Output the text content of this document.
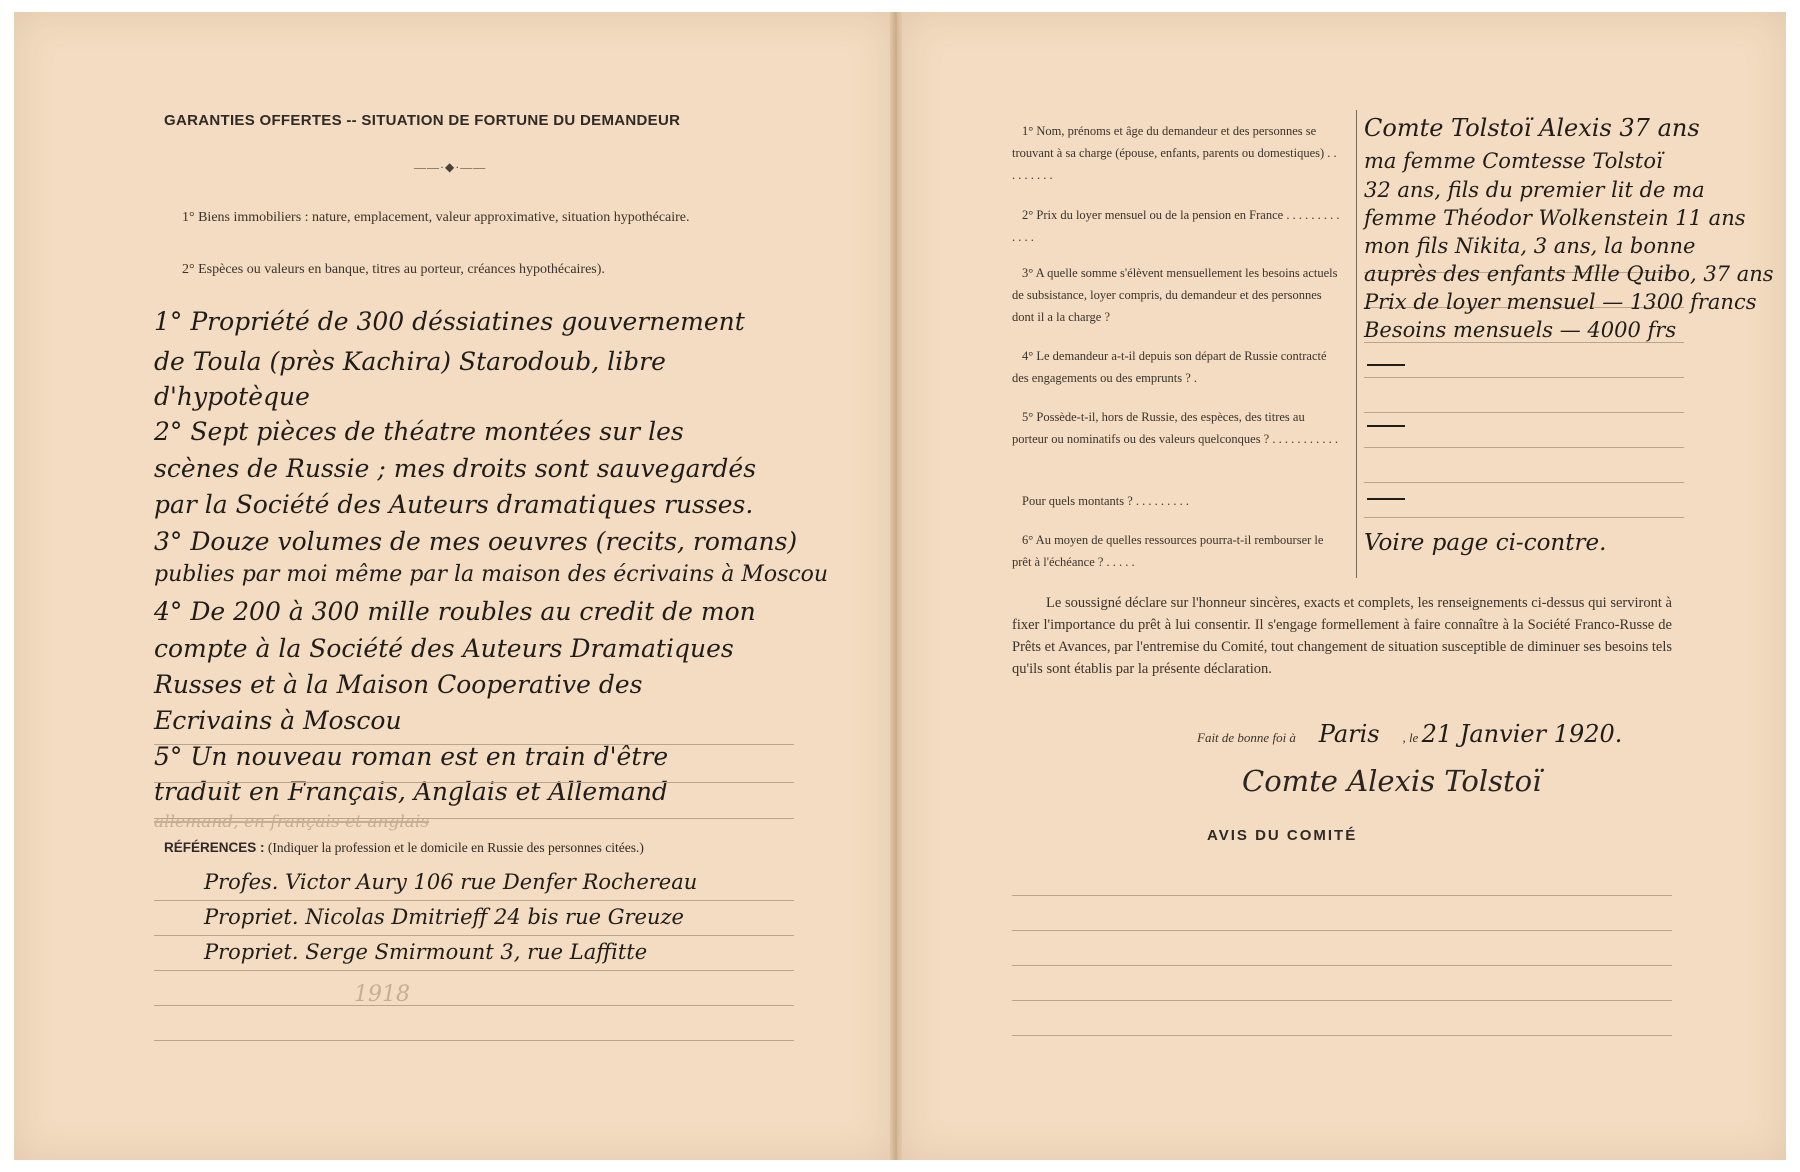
GARANTIES OFFERTES -- SITUATION DE FORTUNE DU DEMANDEUR
——·◆·——
1° Biens immobiliers : nature, emplacement, valeur approximative, situation hypothécaire.
2° Espèces ou valeurs en banque, titres au porteur, créances hypothécaires).
1° Propriété de 300 déssiatines gouvernement
de Toula (près Kachira) Starodoub, libre
d'hypotèque
2° Sept pièces de théatre montées sur les
scènes de Russie ; mes droits sont sauvegardés
par la Société des Auteurs dramatiques russes.
3° Douze volumes de mes oeuvres (recits, romans)
publies par moi même par la maison des écrivains à Moscou
4° De 200 à 300 mille roubles au credit de mon
compte à la Société des Auteurs Dramatiques
Russes et à la Maison Cooperative des
Ecrivains à Moscou
5° Un nouveau roman est en train d'être
traduit en Français, Anglais et Allemand
allemand, en français et anglais
RÉFÉRENCES : (Indiquer la profession et le domicile en Russie des personnes citées.)
Profes. Victor Aury 106 rue Denfer Rochereau
Propriet. Nicolas Dmitrieff 24 bis rue Greuze
Propriet. Serge Smirmount 3, rue Laffitte
1918
1° Nom, prénoms et âge du demandeur et des personnes se trouvant à sa charge (épouse, enfants, parents ou domestiques) . . . . . . . . .
2° Prix du loyer mensuel ou de la pension en France . . . . . . . . . . . . .
3° A quelle somme s'élèvent mensuellement les besoins actuels de subsistance, loyer compris, du demandeur et des personnes dont il a la charge ?
4° Le demandeur a-t-il depuis son départ de Russie contracté des engagements ou des emprunts ? .
5° Possède-t-il, hors de Russie, des espèces, des titres au porteur ou nominatifs ou des valeurs quelconques ? . . . . . . . . . . .
Pour quels montants ? . . . . . . . . .
6° Au moyen de quelles ressources pourra-t-il rembourser le prêt à l'échéance ? . . . . .
Comte Tolstoï Alexis 37 ans
ma femme Comtesse Tolstoï
32 ans, fils du premier lit de ma
femme Théodor Wolkenstein 11 ans
mon fils Nikita, 3 ans, la bonne
auprès des enfants Mlle Quibo, 37 ans
Prix de loyer mensuel — 1300 francs
Besoins mensuels — 4000 frs
Voire page ci-contre.
Le soussigné déclare sur l'honneur sincères, exacts et complets, les renseignements ci-dessus qui serviront à fixer l'importance du prêt à lui consentir. Il s'engage formellement à faire connaître à la Société Franco-Russe de Prêts et Avances, par l'entremise du Comité, tout changement de situation susceptible de diminuer ses besoins tels qu'ils sont établis par la présente déclaration.
Fait de bonne foi à Paris , le 21 Janvier 1920.
Comte Alexis Tolstoï
AVIS DU COMITÉ
